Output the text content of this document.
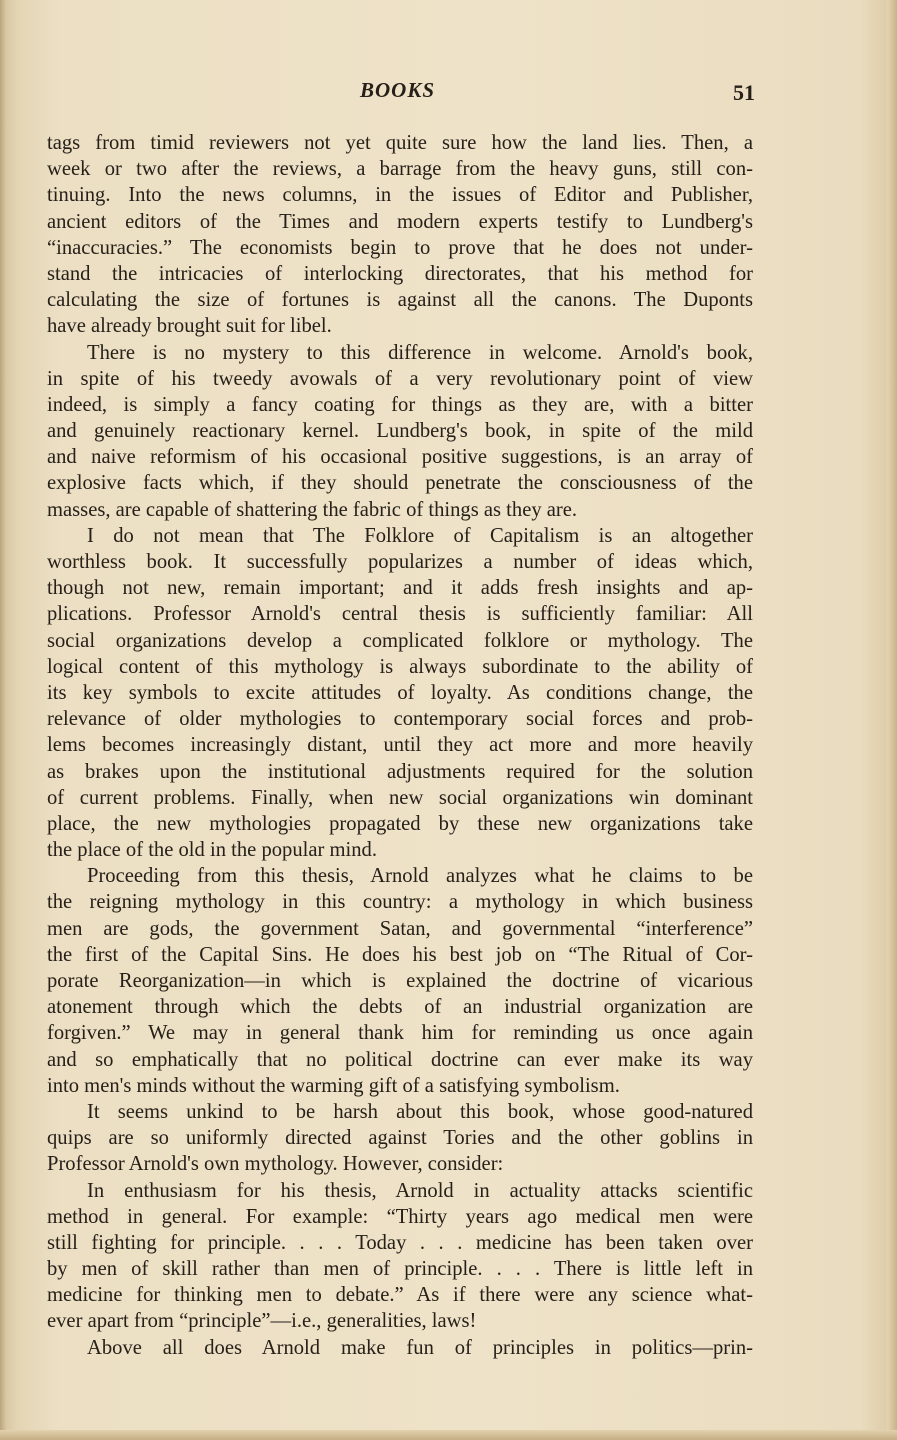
BOOKS	51
tags from timid reviewers not yet quite sure how the land lies. Then, a
week or two after the reviews, a barrage from the heavy guns, still con-
tinuing. Into the news columns, in the issues of Editor and Publisher,
ancient editors of the Times and modern experts testify to Lundberg's
“inaccuracies.” The economists begin to prove that he does not under-
stand the intricacies of interlocking directorates, that his method for
calculating the size of fortunes is against all the canons. The Duponts
have already brought suit for libel.
There is no mystery to this difference in welcome. Arnold's book,
in spite of his tweedy avowals of a very revolutionary point of view
indeed, is simply a fancy coating for things as they are, with a bitter
and genuinely reactionary kernel. Lundberg's book, in spite of the mild
and naive reformism of his occasional positive suggestions, is an array of
explosive facts which, if they should penetrate the consciousness of the
masses, are capable of shattering the fabric of things as they are.
I do not mean that The Folklore of Capitalism is an altogether
worthless book. It successfully popularizes a number of ideas which,
though not new, remain important; and it adds fresh insights and ap-
plications. Professor Arnold's central thesis is sufficiently familiar: All
social organizations develop a complicated folklore or mythology. The
logical content of this mythology is always subordinate to the ability of
its key symbols to excite attitudes of loyalty. As conditions change, the
relevance of older mythologies to contemporary social forces and prob-
lems becomes increasingly distant, until they act more and more heavily
as brakes upon the institutional adjustments required for the solution
of current problems. Finally, when new social organizations win dominant
place, the new mythologies propagated by these new organizations take
the place of the old in the popular mind.
Proceeding from this thesis, Arnold analyzes what he claims to be
the reigning mythology in this country: a mythology in which business
men are gods, the government Satan, and governmental “interference”
the first of the Capital Sins. He does his best job on “The Ritual of Cor-
porate Reorganization—in which is explained the doctrine of vicarious
atonement through which the debts of an industrial organization are
forgiven.” We may in general thank him for reminding us once again
and so emphatically that no political doctrine can ever make its way
into men's minds without the warming gift of a satisfying symbolism.
It seems unkind to be harsh about this book, whose good-natured
quips are so uniformly directed against Tories and the other goblins in
Professor Arnold's own mythology. However, consider:
In enthusiasm for his thesis, Arnold in actuality attacks scientific
method in general. For example: “Thirty years ago medical men were
still fighting for principle. . . . Today . . . medicine has been taken over
by men of skill rather than men of principle. . . . There is little left in
medicine for thinking men to debate.” As if there were any science what-
ever apart from “principle”—i.e., generalities, laws!
Above all does Arnold make fun of principles in politics—prin-
